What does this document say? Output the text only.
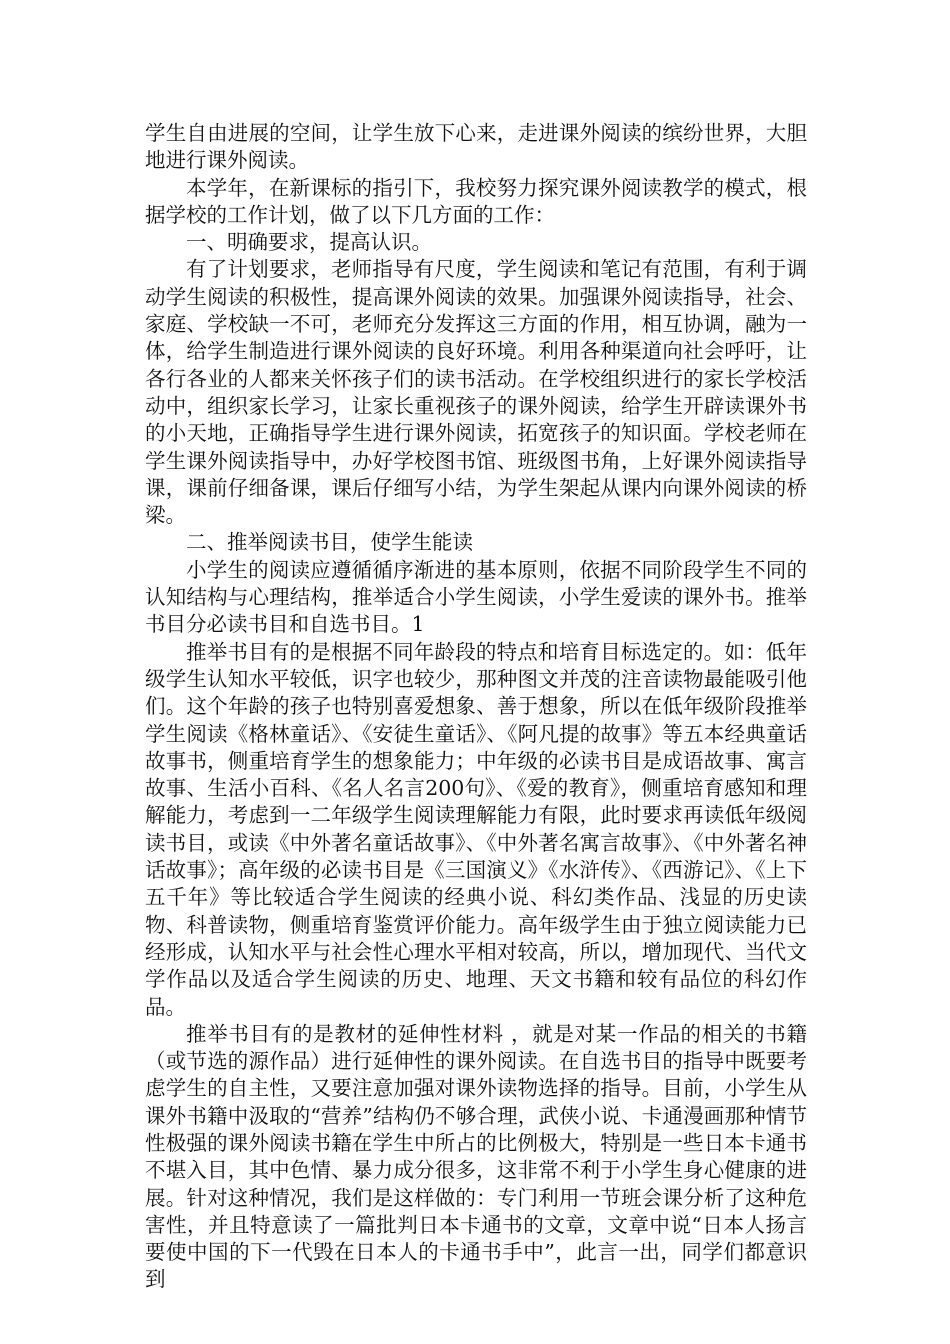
学生自由进展的空间，让学生放下心来，走进课外阅读的缤纷世界，大胆地进行课外阅读。

本学年，在新课标的指引下，我校努力探究课外阅读教学的模式，根据学校的工作计划，做了以下几方面的工作：

一、明确要求，提高认识。

有了计划要求，老师指导有尺度，学生阅读和笔记有范围，有利于调动学生阅读的积极性，提高课外阅读的效果。加强课外阅读指导，社会、家庭、学校缺一不可，老师充分发挥这三方面的作用，相互协调，融为一体，给学生制造进行课外阅读的良好环境。利用各种渠道向社会呼吁，让各行各业的人都来关怀孩子们的读书活动。在学校组织进行的家长学校活动中，组织家长学习，让家长重视孩子的课外阅读，给学生开辟读课外书的小天地，正确指导学生进行课外阅读，拓宽孩子的知识面。学校老师在学生课外阅读指导中，办好学校图书馆、班级图书角，上好课外阅读指导课，课前仔细备课，课后仔细写小结，为学生架起从课内向课外阅读的桥梁。

二、推举阅读书目，使学生能读

小学生的阅读应遵循循序渐进的基本原则，依据不同阶段学生不同的认知结构与心理结构，推举适合小学生阅读，小学生爱读的课外书。推举书目分必读书目和自选书目。1

推举书目有的是根据不同年龄段的特点和培育目标选定的。如：低年级学生认知水平较低，识字也较少，那种图文并茂的注音读物最能吸引他们。这个年龄的孩子也特别喜爱想象、善于想象，所以在低年级阶段推举学生阅读《格林童话》、《安徒生童话》、《阿凡提的故事》等五本经典童话故事书，侧重培育学生的想象能力；中年级的必读书目是成语故事、寓言故事、生活小百科、《名人名言200句》、《爱的教育》，侧重培育感知和理解能力，考虑到一二年级学生阅读理解能力有限，此时要求再读低年级阅读书目，或读《中外著名童话故事》、《中外著名寓言故事》、《中外著名神话故事》；高年级的必读书目是《三国演义》《水浒传》、《西游记》、《上下五千年》等比较适合学生阅读的经典小说、科幻类作品、浅显的历史读物、科普读物，侧重培育鉴赏评价能力。高年级学生由于独立阅读能力已经形成，认知水平与社会性心理水平相对较高，所以，增加现代、当代文学作品以及适合学生阅读的历史、地理、天文书籍和较有品位的科幻作品。

推举书目有的是教材的延伸性材料 ，就是对某一作品的相关的书籍（或节选的源作品）进行延伸性的课外阅读。在自选书目的指导中既要考虑学生的自主性，又要注意加强对课外读物选择的指导。目前，小学生从课外书籍中汲取的“营养”结构仍不够合理，武侠小说、卡通漫画那种情节性极强的课外阅读书籍在学生中所占的比例极大，特别是一些日本卡通书不堪入目，其中色情、暴力成分很多，这非常不利于小学生身心健康的进展。针对这种情况，我们是这样做的：专门利用一节班会课分析了这种危害性，并且特意读了一篇批判日本卡通书的文章，文章中说“日本人扬言要使中国的下一代毁在日本人的卡通书手中”，此言一出，同学们都意识到
